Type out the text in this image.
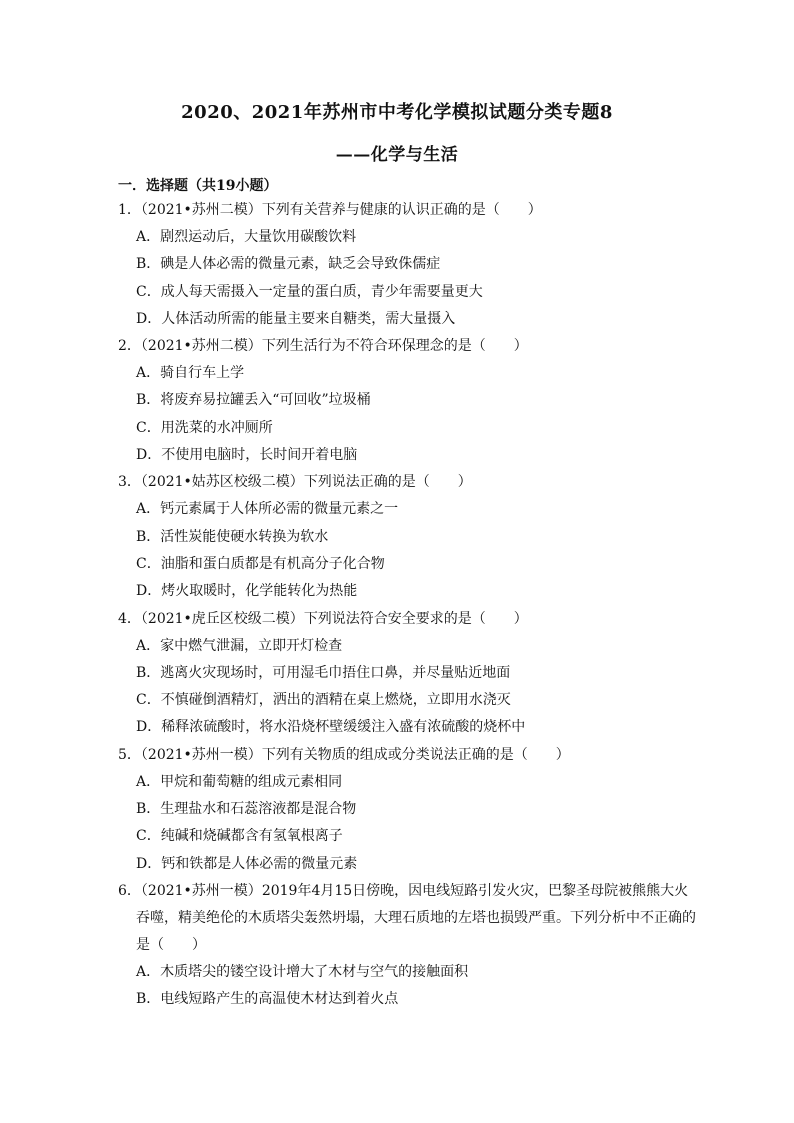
2020、2021年苏州市中考化学模拟试题分类专题8
——化学与生活
一．选择题（共19小题）
1．（2021•苏州二模）下列有关营养与健康的认识正确的是（　　）
A．剧烈运动后，大量饮用碳酸饮料
B．碘是人体必需的微量元素，缺乏会导致侏儒症
C．成人每天需摄入一定量的蛋白质，青少年需要量更大
D．人体活动所需的能量主要来自糖类，需大量摄入
2．（2021•苏州二模）下列生活行为不符合环保理念的是（　　）
A．骑自行车上学
B．将废弃易拉罐丢入“可回收”垃圾桶
C．用洗菜的水冲厕所
D．不使用电脑时，长时间开着电脑
3．（2021•姑苏区校级二模）下列说法正确的是（　　）
A．钙元素属于人体所必需的微量元素之一
B．活性炭能使硬水转换为软水
C．油脂和蛋白质都是有机高分子化合物
D．烤火取暖时，化学能转化为热能
4．（2021•虎丘区校级二模）下列说法符合安全要求的是（　　）
A．家中燃气泄漏，立即开灯检查
B．逃离火灾现场时，可用湿毛巾捂住口鼻，并尽量贴近地面
C．不慎碰倒酒精灯，洒出的酒精在桌上燃烧，立即用水浇灭
D．稀释浓硫酸时，将水沿烧杯壁缓缓注入盛有浓硫酸的烧杯中
5．（2021•苏州一模）下列有关物质的组成或分类说法正确的是（　　）
A．甲烷和葡萄糖的组成元素相同
B．生理盐水和石蕊溶液都是混合物
C．纯碱和烧碱都含有氢氧根离子
D．钙和铁都是人体必需的微量元素
6．（2021•苏州一模）2019年4月15日傍晚，因电线短路引发火灾，巴黎圣母院被熊熊大火吞噬，精美绝伦的木质塔尖轰然坍塌，大理石质地的左塔也损毁严重。下列分析中不正确的是（　　）
A．木质塔尖的镂空设计增大了木材与空气的接触面积
B．电线短路产生的高温使木材达到着火点
